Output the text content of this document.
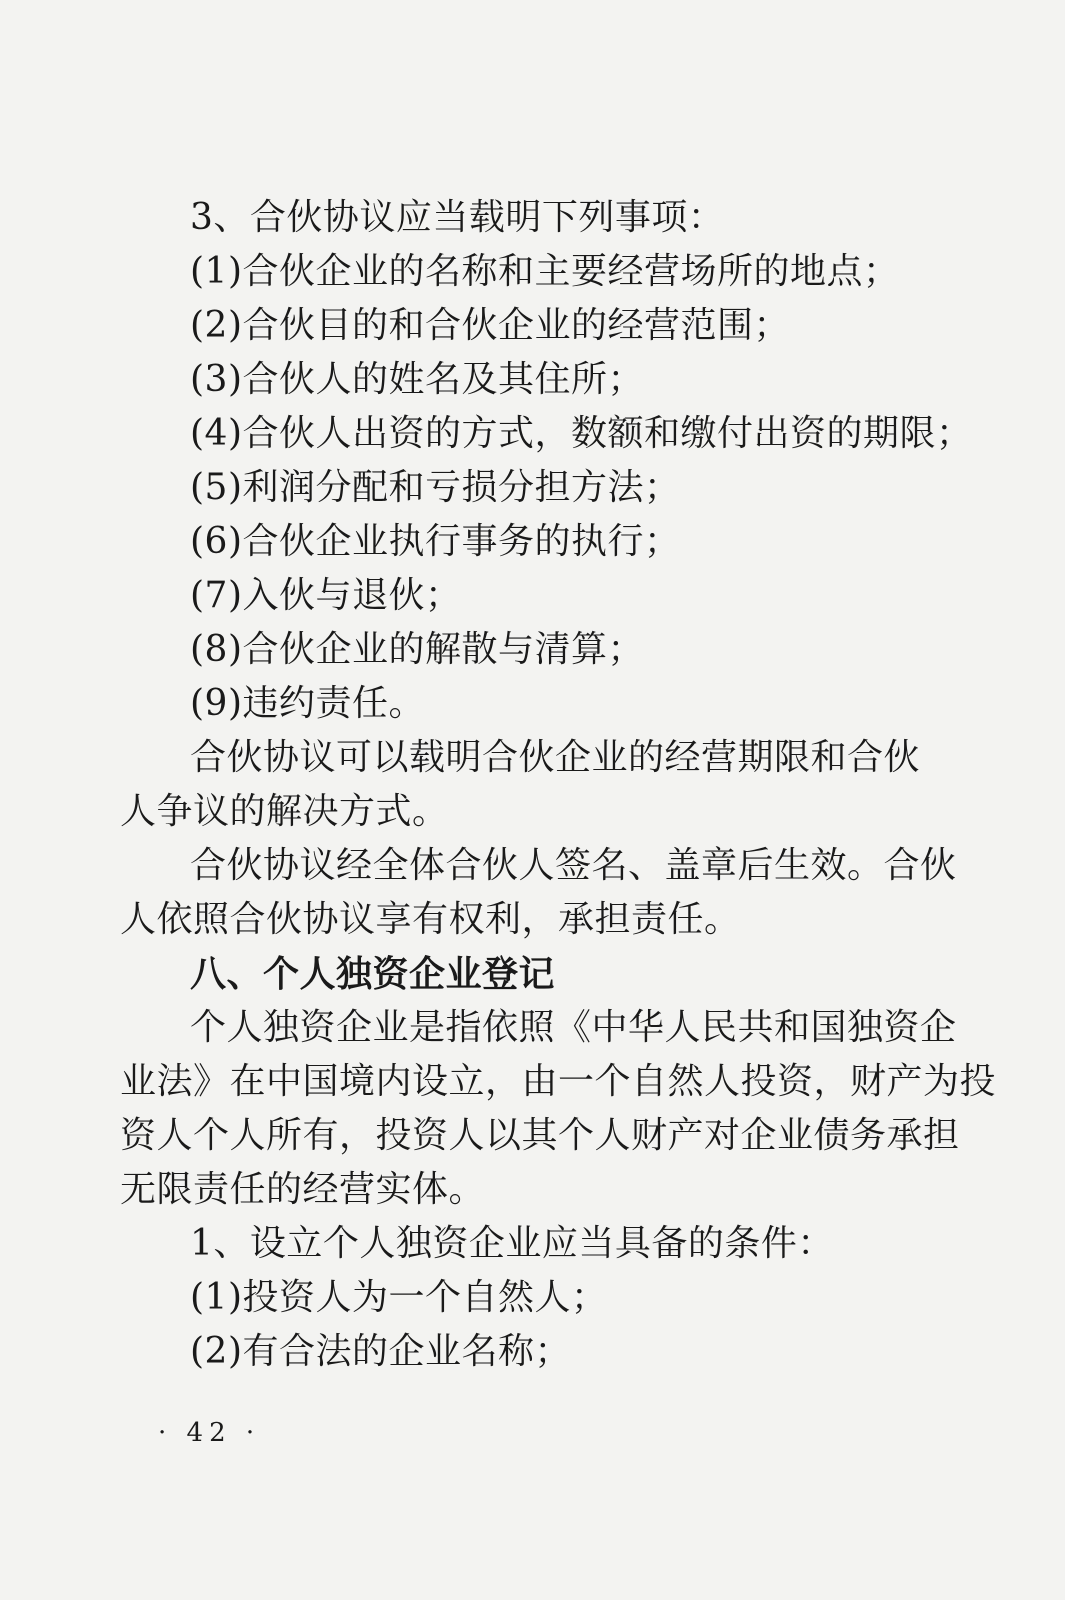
3、合伙协议应当载明下列事项：
(1)合伙企业的名称和主要经营场所的地点；
(2)合伙目的和合伙企业的经营范围；
(3)合伙人的姓名及其住所；
(4)合伙人出资的方式，数额和缴付出资的期限；
(5)利润分配和亏损分担方法；
(6)合伙企业执行事务的执行；
(7)入伙与退伙；
(8)合伙企业的解散与清算；
(9)违约责任。
合伙协议可以载明合伙企业的经营期限和合伙
人争议的解决方式。
合伙协议经全体合伙人签名、盖章后生效。合伙
人依照合伙协议享有权利，承担责任。
八、个人独资企业登记
个人独资企业是指依照《中华人民共和国独资企
业法》在中国境内设立，由一个自然人投资，财产为投
资人个人所有，投资人以其个人财产对企业债务承担
无限责任的经营实体。
1、设立个人独资企业应当具备的条件：
(1)投资人为一个自然人；
(2)有合法的企业名称；
· 42 ·
